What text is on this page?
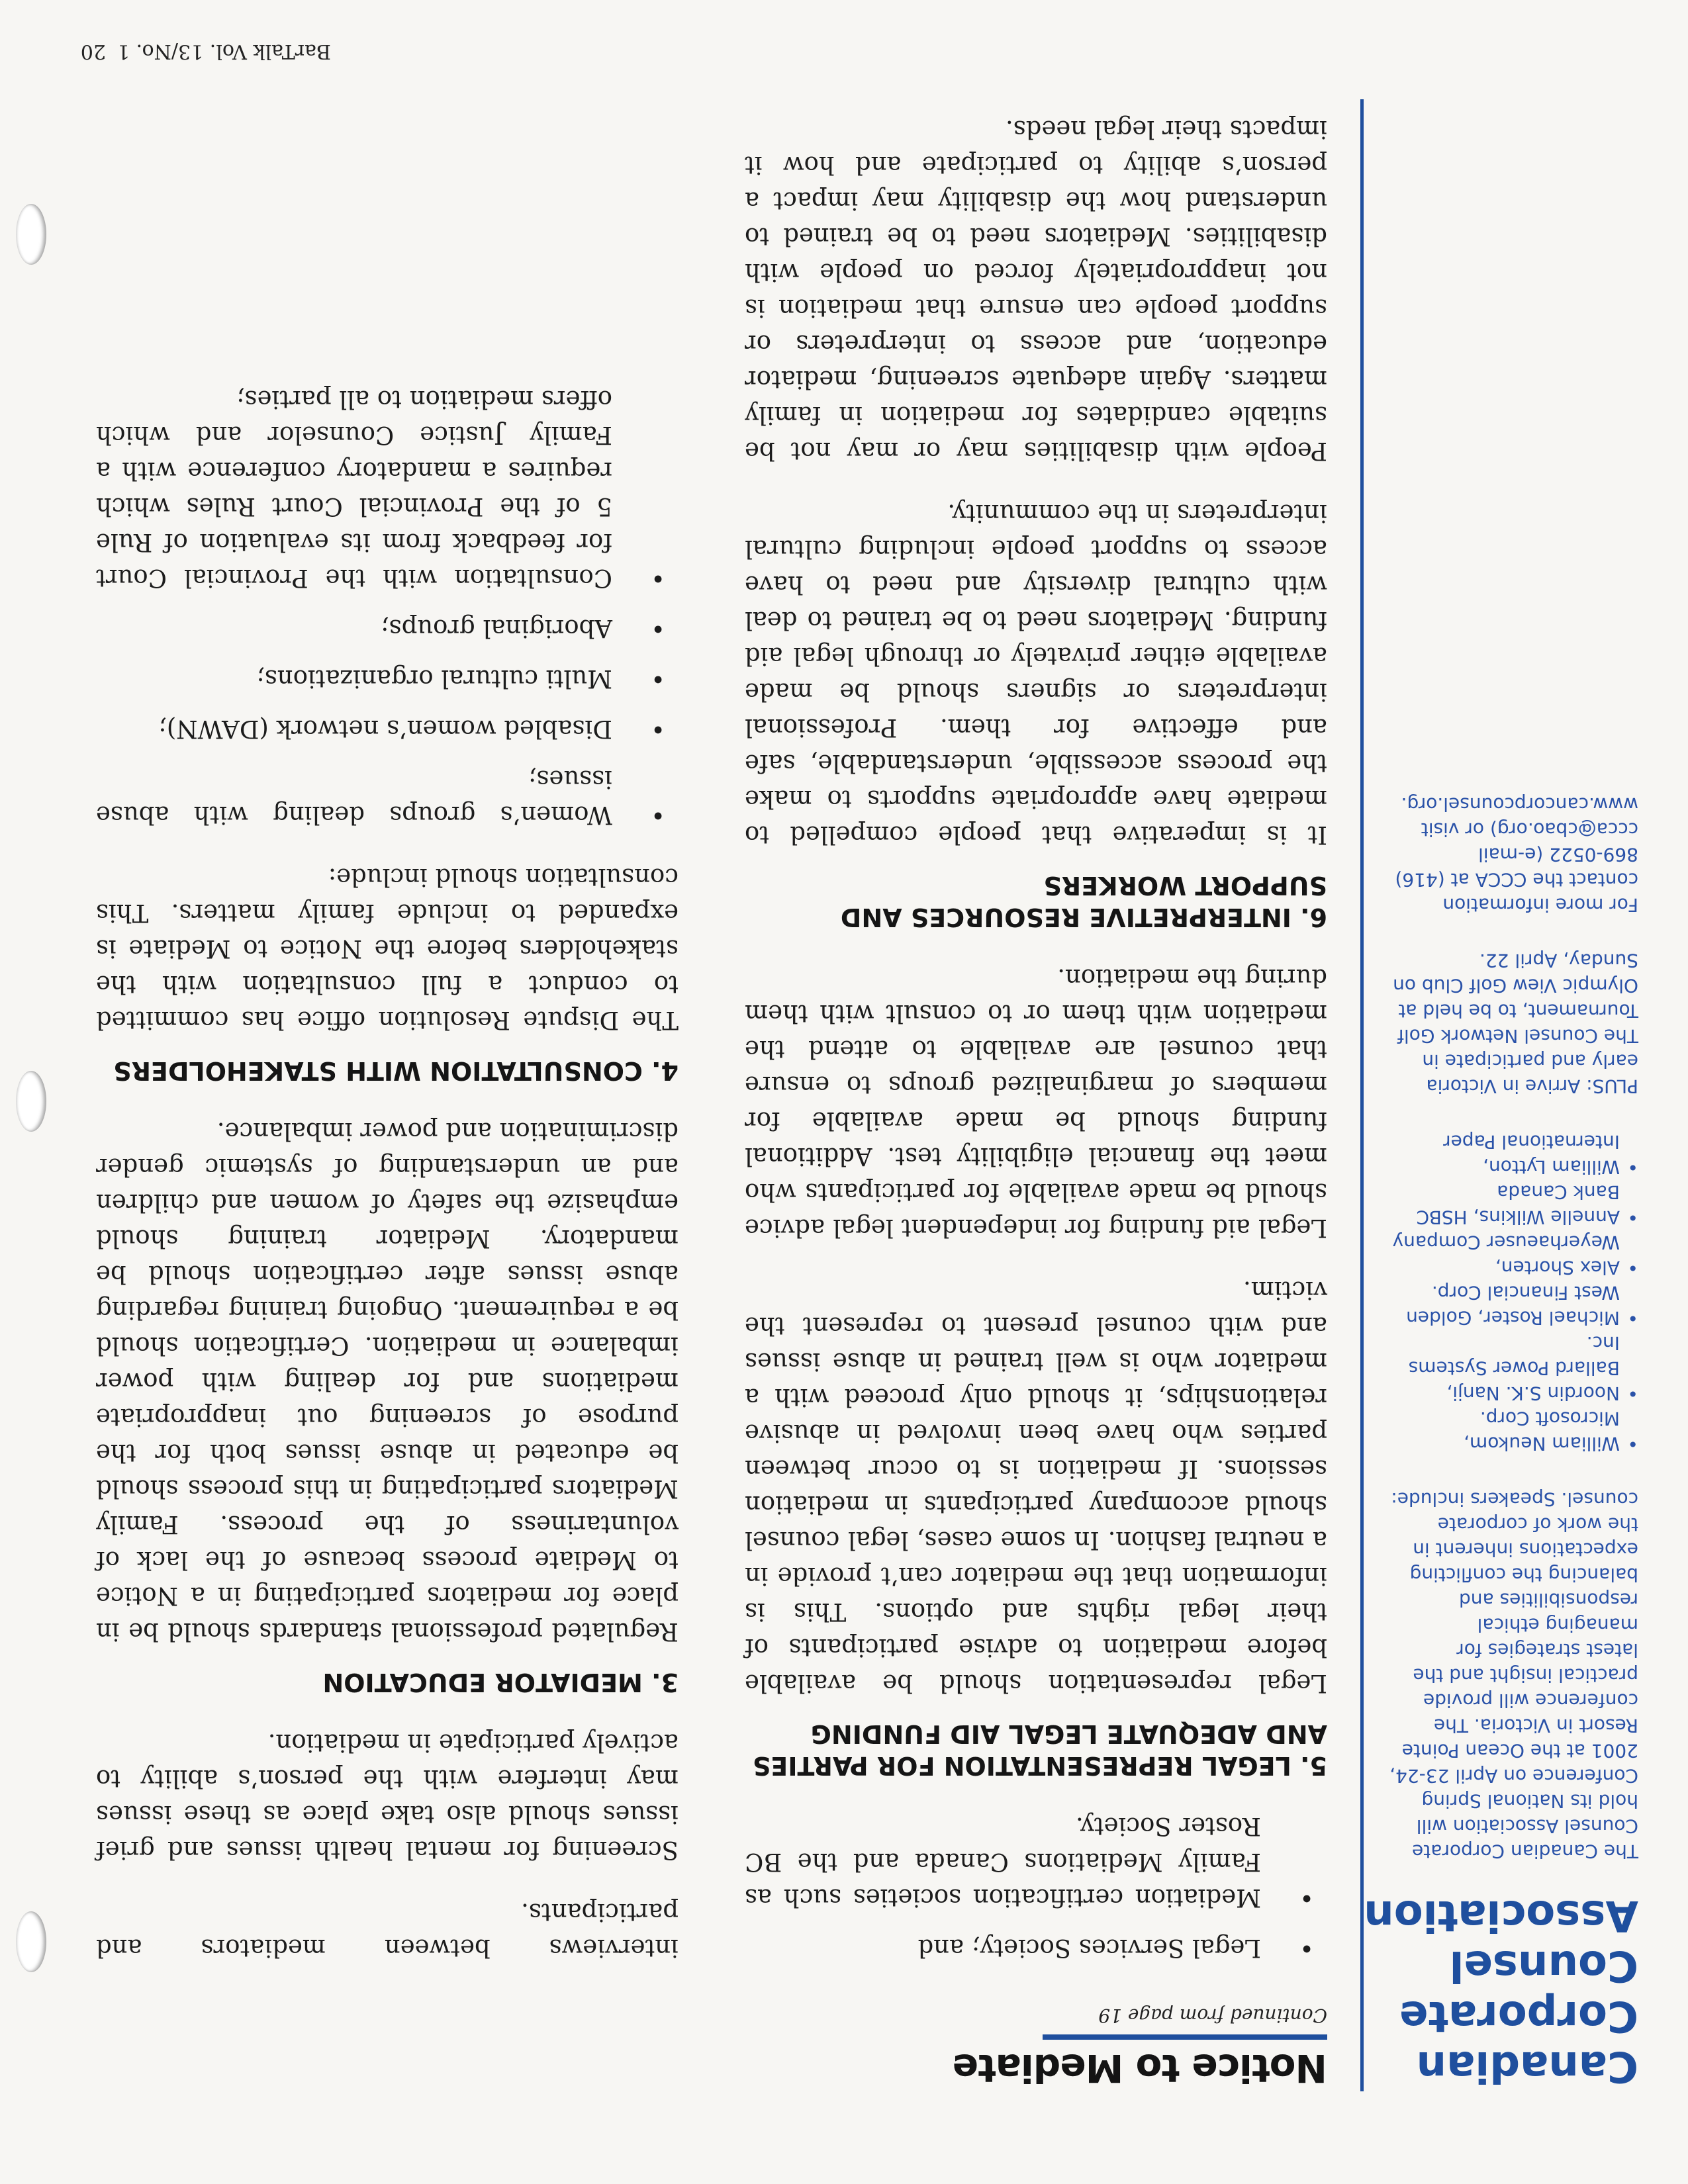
Canadian
Corporate
Counsel
Association

The Canadian Corporate Counsel Association will hold its National Spring Conference on April 23-24, 2001 at the Ocean Pointe Resort in Victoria. The conference will provide practical insight and the latest strategies for managing ethical responsibilities and balancing the conflicting expectations inherent in the work of corporate counsel. Speakers include:

• William Neukom, Microsoft Corp.
• Noordin S.K. Nanji, Ballard Power Systems Inc.
• Michael Roster, Golden West Financial Corp.
• Alex Shorten, Weyerhaeuser Company
• Annelle Wilkins, HSBC Bank Canada
• William Lytton, International Paper

PLUS: Arrive in Victoria early and participate in The Counsel Network Golf Tournament, to be held at Olympic View Golf Club on Sunday, April 22.

For more information contact the CCCA at (416) 869-0522 (e-mail ccca@cbao.org) or visit www.cancorpcounsel.org.

Notice to Mediate
Continued from page 19
• Legal Services Society; and
• Mediation certification societies such as Family Mediations Canada and the BC Roster Society.
5. LEGAL REPRESENTATION FOR PARTIES AND ADEQUATE LEGAL AID FUNDING

Legal representation should be available before mediation to advise participants of their legal rights and options. This is information that the mediator can’t provide in a neutral fashion. In some cases, legal counsel should accompany participants in mediation sessions. If mediation is to occur between parties who have been involved in abusive relationships, it should only proceed with a mediator who is well trained in abuse issues and with counsel present to represent the victim.

Legal aid funding for independent legal advice should be made available for participants who meet the financial eligibility test. Additional funding should be made available for members of marginalized groups to ensure that counsel are available to attend the mediation with them or to consult with them during the mediation.

6. INTERPRETIVE RESOURCES AND SUPPORT WORKERS

It is imperative that people compelled to mediate have appropriate supports to make the process accessible, understandable, safe and effective for them. Professional interpreters or signers should be made available either privately or through legal aid funding. Mediators need to be trained to deal with cultural diversity and need to have access to support people including cultural interpreters in the community.

People with disabilities may or may not be suitable candidates for mediation in family matters. Again adequate screening, mediator education, and access to interpreters or support people can ensure that mediation is not inappropriately forced on people with disabilities. Mediators need to be trained to understand how the disability may impact a person’s ability to participate and how it impacts their legal needs.

interviews between mediators and participants.

Screening for mental health issues and grief issues should also take place as these issues may interfere with the person’s ability to actively participate in mediation.

3. MEDIATOR EDUCATION

Regulated professional standards should be in place for mediators participating in a Notice to Mediate process because of the lack of voluntariness of the process. Family Mediators participating in this process should be educated in abuse issues both for the purpose of screening out inappropriate mediations and for dealing with power imbalance in mediation. Certification should be a requirement. Ongoing training regarding abuse issues after certification should be mandatory. Mediator training should emphasize the safety of women and children and an understanding of systemic gender discrimination and power imbalance.

4. CONSULTATION WITH STAKEHOLDERS

The Dispute Resolution office has committed to conduct a full consultation with the stakeholders before the Notice to Mediate is expanded to include family matters. This consultation should include:

• Women’s groups dealing with abuse issues;
• Disabled women’s network (DAWN);
• Multi cultural organizations;
• Aboriginal groups;
• Consultation with the Provincial Court for feedback from its evaluation of Rule 5 of the Provincial Court Rules which requires a mandatory conference with a Family Justice Counselor and which offers mediation to all parties;
BarTalk Vol. 13/No. 1
20
